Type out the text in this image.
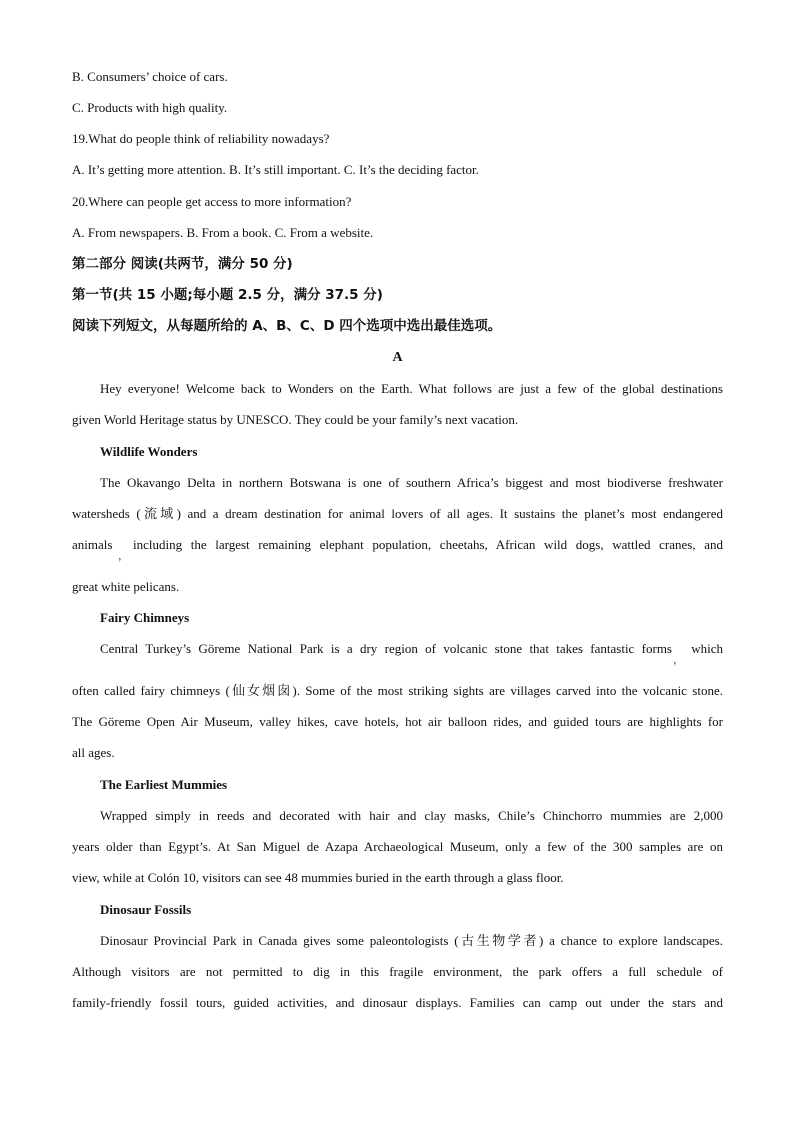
B. Consumers’ choice of cars.
C. Products with high quality.
19.What do people think of reliability nowadays?
A. It’s getting more attention. B. It’s still important. C. It’s the deciding factor.
20.Where can people get access to more information?
A. From newspapers. B. From a book. C. From a website.
第二部分 阅读(共两节，满分 50 分)
第一节(共 15 小题;每小题 2.5 分，满分 37.5 分)
阅读下列短文，从每题所给的 A、B、C、D 四个选项中选出最佳选项。
A
Hey everyone! Welcome back to Wonders on the Earth. What follows are just a few of the global destinations
given World Heritage status by UNESCO. They could be your family’s next vacation.
Wildlife Wonders
The Okavango Delta in northern Botswana is one of southern Africa’s biggest and most biodiverse freshwater
watersheds (流域) and a dream destination for animal lovers of all ages. It sustains the planet’s most endangered
animals
，
including the largest remaining elephant population, cheetahs, African wild dogs, wattled cranes, and
great white pelicans.
Fairy Chimneys
Central Turkey’s Göreme National Park is a dry region of volcanic stone that takes fantastic forms
，
which
often called fairy chimneys (仙女烟囱). Some of the most striking sights are villages carved into the volcanic stone.
The Göreme Open Air Museum, valley hikes, cave hotels, hot air balloon rides, and guided tours are highlights for
all ages.
The Earliest Mummies
Wrapped simply in reeds and decorated with hair and clay masks, Chile’s Chinchorro mummies are 2,000
years older than Egypt’s. At San Miguel de Azapa Archaeological Museum, only a few of the 300 samples are on
view, while at Colón 10, visitors can see 48 mummies buried in the earth through a glass floor.
Dinosaur Fossils
Dinosaur Provincial Park in Canada gives some paleontologists (古生物学者) a chance to explore landscapes.
Although visitors are not permitted to dig in this fragile environment, the park offers a full schedule of
family-friendly fossil tours, guided activities, and dinosaur displays. Families can camp out under the stars and
